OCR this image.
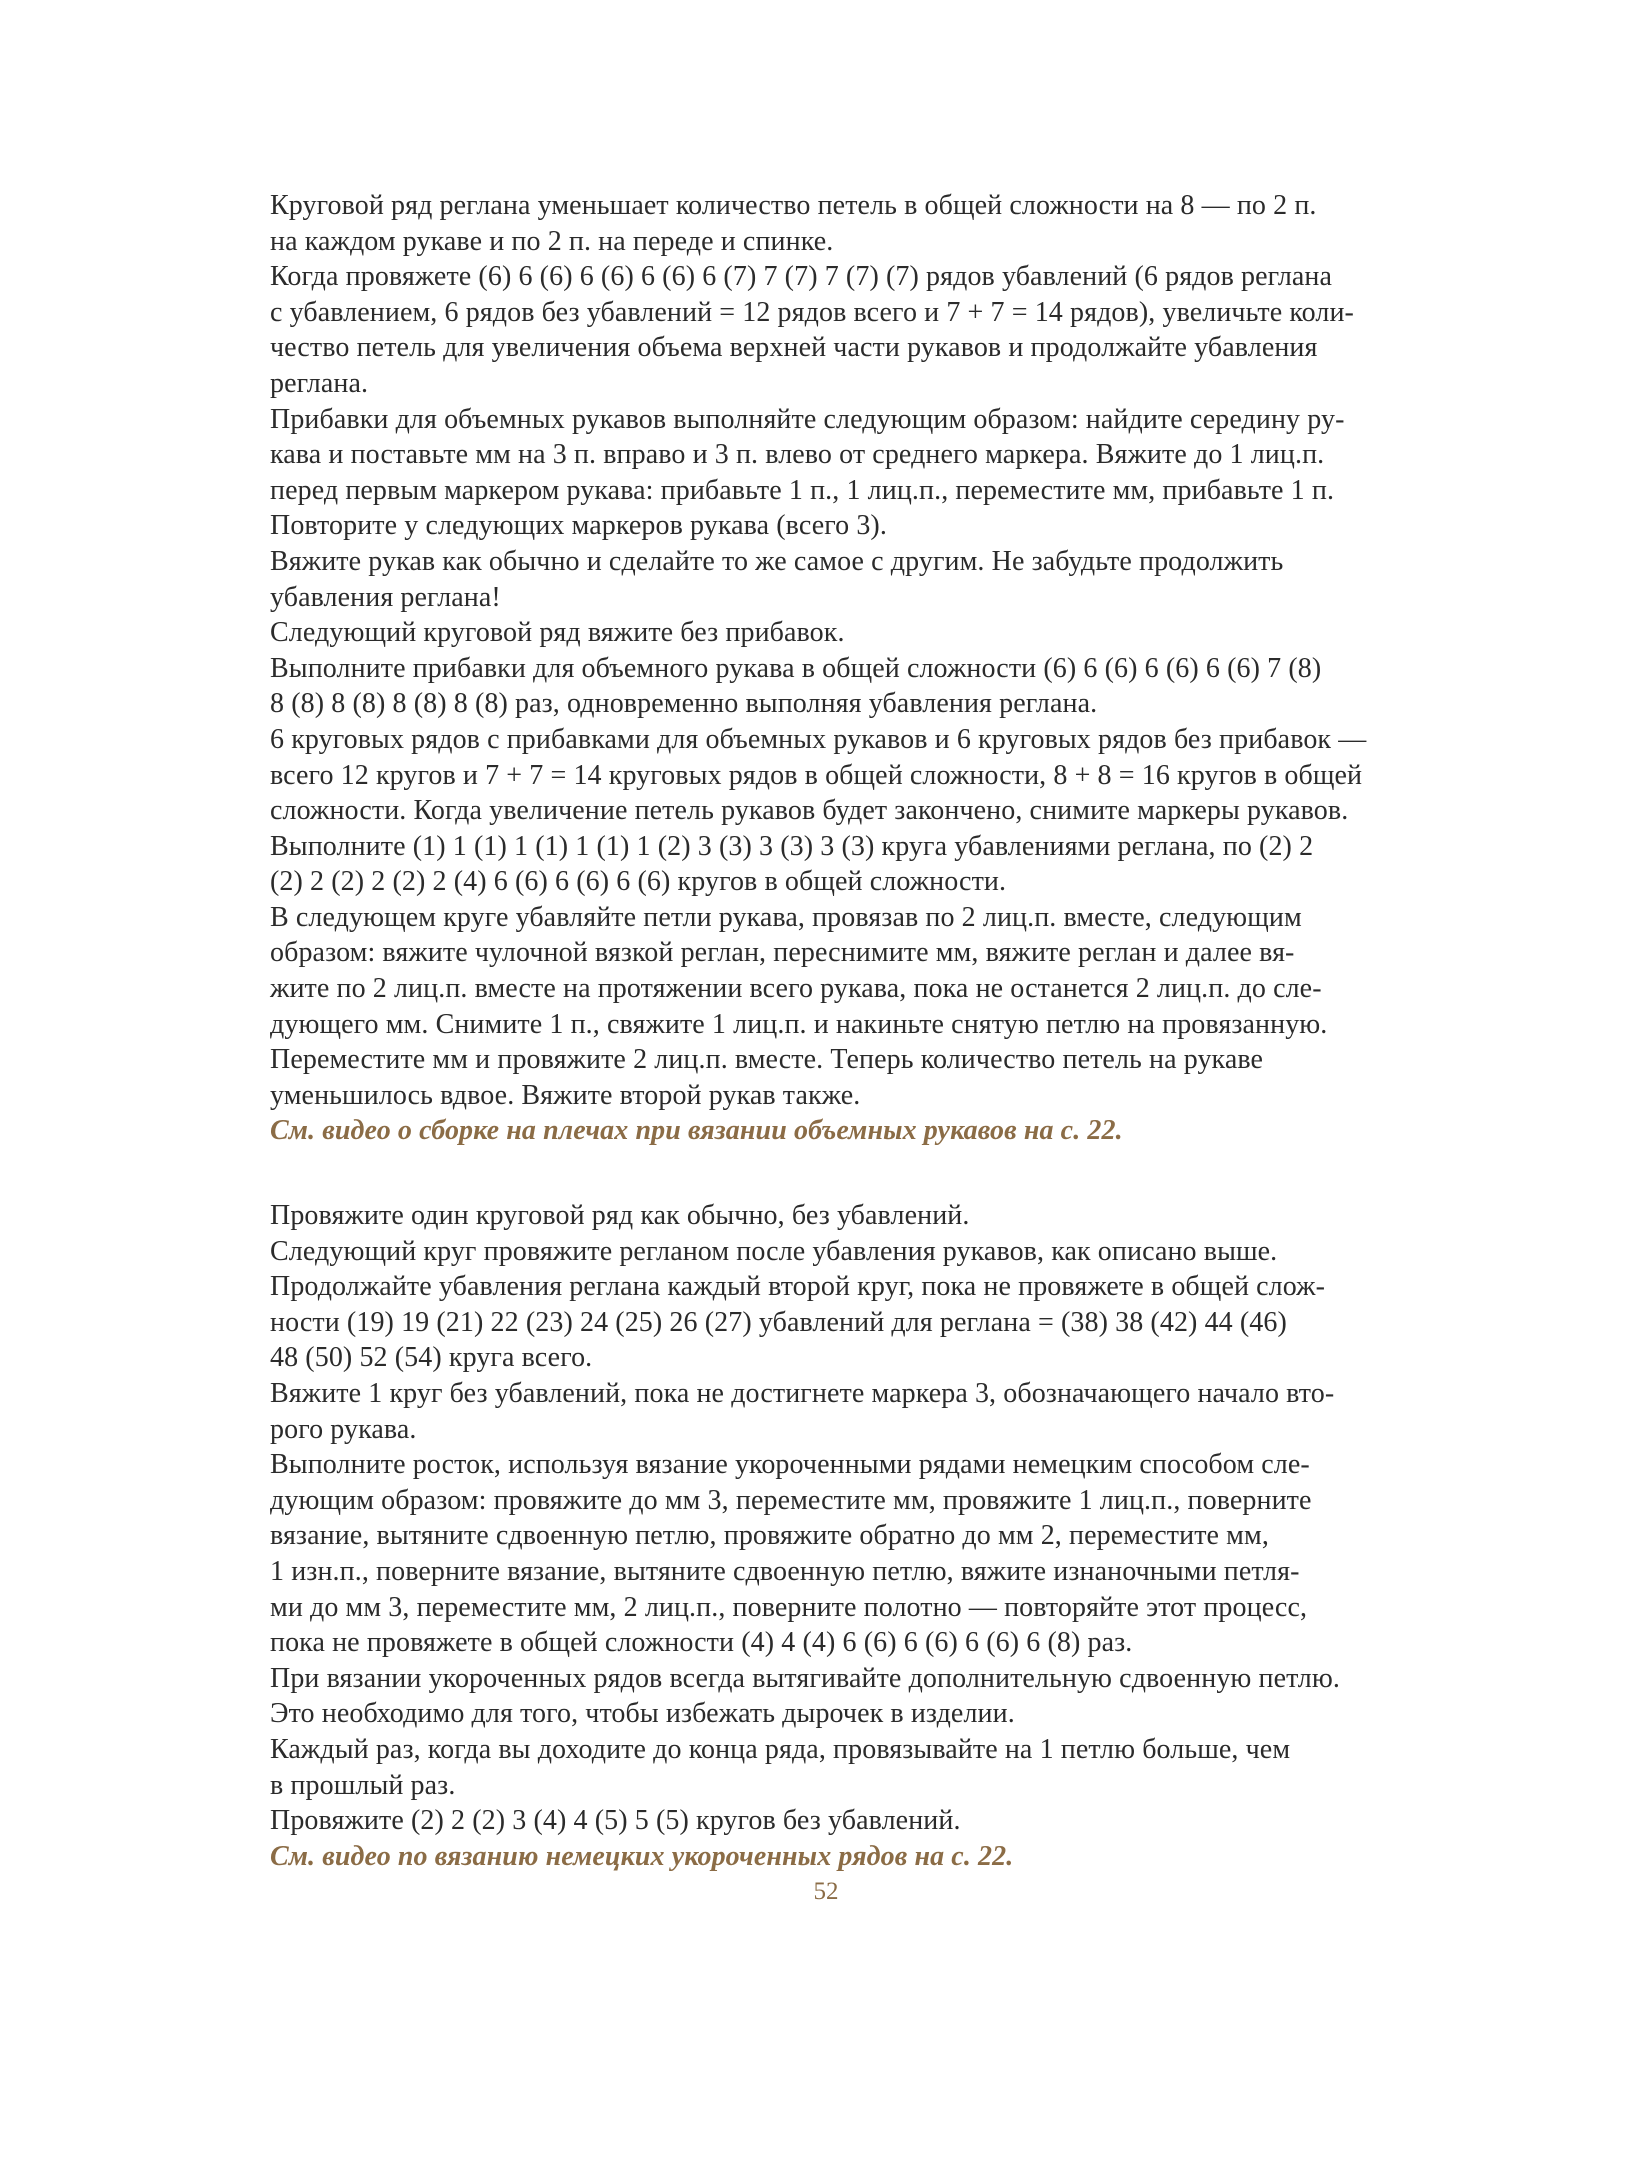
Круговой ряд реглана уменьшает количество петель в общей сложности на 8 — по 2 п.
на каждом рукаве и по 2 п. на переде и спинке.
Когда провяжете (6) 6 (6) 6 (6) 6 (6) 6 (7) 7 (7) 7 (7) (7) рядов убавлений (6 рядов реглана
с убавлением, 6 рядов без убавлений = 12 рядов всего и 7 + 7 = 14 рядов), увеличьте коли-
чество петель для увеличения объема верхней части рукавов и продолжайте убавления
реглана.
Прибавки для объемных рукавов выполняйте следующим образом: найдите середину ру-
кава и поставьте мм на 3 п. вправо и 3 п. влево от среднего маркера. Вяжите до 1 лиц.п.
перед первым маркером рукава: прибавьте 1 п., 1 лиц.п., переместите мм, прибавьте 1 п.
Повторите у следующих маркеров рукава (всего 3).
Вяжите рукав как обычно и сделайте то же самое с другим. Не забудьте продолжить
убавления реглана!
Следующий круговой ряд вяжите без прибавок.
Выполните прибавки для объемного рукава в общей сложности (6) 6 (6) 6 (6) 6 (6) 7 (8)
8 (8) 8 (8) 8 (8) 8 (8) раз, одновременно выполняя убавления реглана.
6 круговых рядов с прибавками для объемных рукавов и 6 круговых рядов без прибавок —
всего 12 кругов и 7 + 7 = 14 круговых рядов в общей сложности, 8 + 8 = 16 кругов в общей
сложности. Когда увеличение петель рукавов будет закончено, снимите маркеры рукавов.
Выполните (1) 1 (1) 1 (1) 1 (1) 1 (2) 3 (3) 3 (3) 3 (3) круга убавлениями реглана, по (2) 2
(2) 2 (2) 2 (2) 2 (4) 6 (6) 6 (6) 6 (6) кругов в общей сложности.
В следующем круге убавляйте петли рукава, провязав по 2 лиц.п. вместе, следующим
образом: вяжите чулочной вязкой реглан, переснимите мм, вяжите реглан и далее вя-
жите по 2 лиц.п. вместе на протяжении всего рукава, пока не останется 2 лиц.п. до сле-
дующего мм. Снимите 1 п., свяжите 1 лиц.п. и накиньте снятую петлю на провязанную.
Переместите мм и провяжите 2 лиц.п. вместе. Теперь количество петель на рукаве
уменьшилось вдвое. Вяжите второй рукав также.
См. видео о сборке на плечах при вязании объемных рукавов на с. 22.
Провяжите один круговой ряд как обычно, без убавлений.
Следующий круг провяжите регланом после убавления рукавов, как описано выше.
Продолжайте убавления реглана каждый второй круг, пока не провяжете в общей слож-
ности (19) 19 (21) 22 (23) 24 (25) 26 (27) убавлений для реглана = (38) 38 (42) 44 (46)
48 (50) 52 (54) круга всего.
Вяжите 1 круг без убавлений, пока не достигнете маркера 3, обозначающего начало вто-
рого рукава.
Выполните росток, используя вязание укороченными рядами немецким способом сле-
дующим образом: провяжите до мм 3, переместите мм, провяжите 1 лиц.п., поверните
вязание, вытяните сдвоенную петлю, провяжите обратно до мм 2, переместите мм,
1 изн.п., поверните вязание, вытяните сдвоенную петлю, вяжите изнаночными петля-
ми до мм 3, переместите мм, 2 лиц.п., поверните полотно — повторяйте этот процесс,
пока не провяжете в общей сложности (4) 4 (4) 6 (6) 6 (6) 6 (6) 6 (8) раз.
При вязании укороченных рядов всегда вытягивайте дополнительную сдвоенную петлю.
Это необходимо для того, чтобы избежать дырочек в изделии.
Каждый раз, когда вы доходите до конца ряда, провязывайте на 1 петлю больше, чем
в прошлый раз.
Провяжите (2) 2 (2) 3 (4) 4 (5) 5 (5) кругов без убавлений.
См. видео по вязанию немецких укороченных рядов на с. 22.
52
